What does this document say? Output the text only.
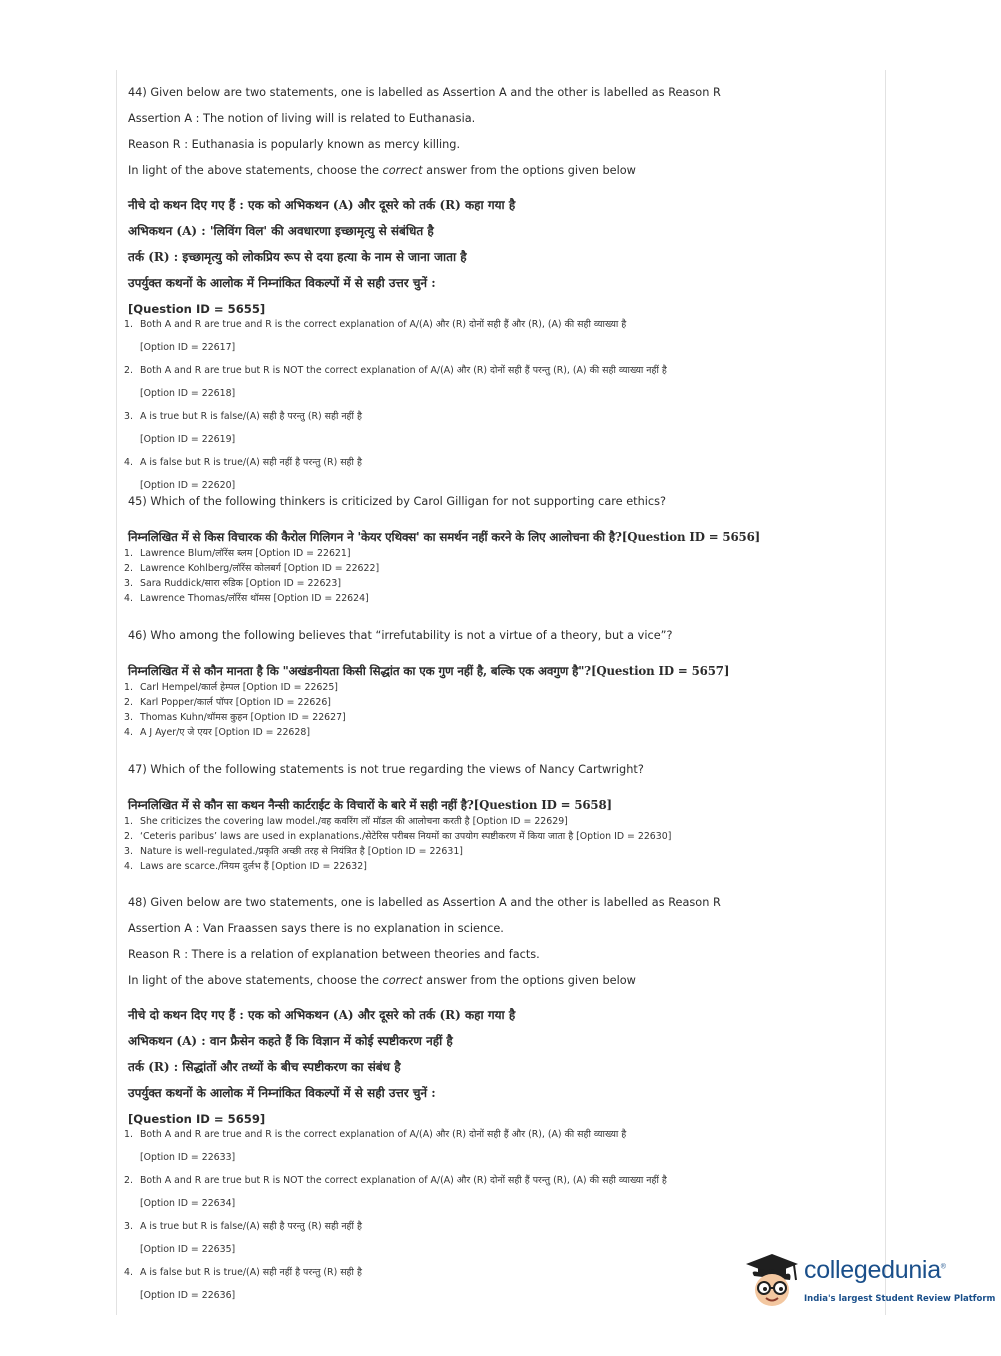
44) Given below are two statements, one is labelled as Assertion A and the other is labelled as Reason R
Assertion A : The notion of living will is related to Euthanasia.
Reason R : Euthanasia is popularly known as mercy killing.
In light of the above statements, choose the correct answer from the options given below
नीचे दो कथन दिए गए हैं : एक को अभिकथन (A) और दूसरे को तर्क (R) कहा गया है
अभिकथन (A) : 'लिविंग विल' की अवधारणा इच्छामृत्यु से संबंधित है
तर्क (R) : इच्छामृत्यु को लोकप्रिय रूप से दया हत्या के नाम से जाना जाता है
उपर्युक्त कथनों के आलोक में निम्नांकित विकल्पों में से सही उत्तर चुनें :
[Question ID = 5655]
1. Both A and R are true and R is the correct explanation of A/(A) और (R) दोनों सही हैं और (R), (A) की सही व्याख्या है
[Option ID = 22617]
2. Both A and R are true but R is NOT the correct explanation of A/(A) और (R) दोनों सही हैं परन्तु (R), (A) की सही व्याख्या नहीं है
[Option ID = 22618]
3. A is true but R is false/(A) सही है परन्तु (R) सही नहीं है
[Option ID = 22619]
4. A is false but R is true/(A) सही नहीं है परन्तु (R) सही है
[Option ID = 22620]
45) Which of the following thinkers is criticized by Carol Gilligan for not supporting care ethics?
निम्नलिखित में से किस विचारक की कैरोल गिलिगन ने 'केयर एथिक्स' का समर्थन नहीं करने के लिए आलोचना की है?[Question ID = 5656]
1. Lawrence Blum/लॉरेंस ब्लम [Option ID = 22621]
2. Lawrence Kohlberg/लॉरेंस कोलबर्ग [Option ID = 22622]
3. Sara Ruddick/सारा रुडिक [Option ID = 22623]
4. Lawrence Thomas/लॉरेंस थॉमस [Option ID = 22624]
46) Who among the following believes that “irrefutability is not a virtue of a theory, but a vice”?
निम्नलिखित में से कौन मानता है कि "अखंडनीयता किसी सिद्धांत का एक गुण नहीं है, बल्कि एक अवगुण है"?[Question ID = 5657]
1. Carl Hempel/कार्ल हेम्पल [Option ID = 22625]
2. Karl Popper/कार्ल पॉपर [Option ID = 22626]
3. Thomas Kuhn/थॉमस कुहन [Option ID = 22627]
4. A J Ayer/ए जे एयर [Option ID = 22628]
47) Which of the following statements is not true regarding the views of Nancy Cartwright?
निम्नलिखित में से कौन सा कथन नैन्सी कार्टराईट के विचारों के बारे में सही नहीं है?[Question ID = 5658]
1. She criticizes the covering law model./वह कवरिंग लॉ मॉडल की आलोचना करती है [Option ID = 22629]
2. ‘Ceteris paribus’ laws are used in explanations./सेटेरिस परीबस नियमों का उपयोग स्पष्टीकरण में किया जाता है [Option ID = 22630]
3. Nature is well-regulated./प्रकृति अच्छी तरह से नियंत्रित है [Option ID = 22631]
4. Laws are scarce./नियम दुर्लभ हैं [Option ID = 22632]
48) Given below are two statements, one is labelled as Assertion A and the other is labelled as Reason R
Assertion A : Van Fraassen says there is no explanation in science.
Reason R : There is a relation of explanation between theories and facts.
In light of the above statements, choose the correct answer from the options given below
नीचे दो कथन दिए गए हैं : एक को अभिकथन (A) और दूसरे को तर्क (R) कहा गया है
अभिकथन (A) : वान फ्रैसेन कहते हैं कि विज्ञान में कोई स्पष्टीकरण नहीं है
तर्क (R) : सिद्धांतों और तथ्यों के बीच स्पष्टीकरण का संबंध है
उपर्युक्त कथनों के आलोक में निम्नांकित विकल्पों में से सही उत्तर चुनें :
[Question ID = 5659]
1. Both A and R are true and R is the correct explanation of A/(A) और (R) दोनों सही हैं और (R), (A) की सही व्याख्या है
[Option ID = 22633]
2. Both A and R are true but R is NOT the correct explanation of A/(A) और (R) दोनों सही हैं परन्तु (R), (A) की सही व्याख्या नहीं है
[Option ID = 22634]
3. A is true but R is false/(A) सही है परन्तु (R) सही नहीं है
[Option ID = 22635]
4. A is false but R is true/(A) सही नहीं है परन्तु (R) सही है
[Option ID = 22636]
collegedunia®
India's largest Student Review Platform
